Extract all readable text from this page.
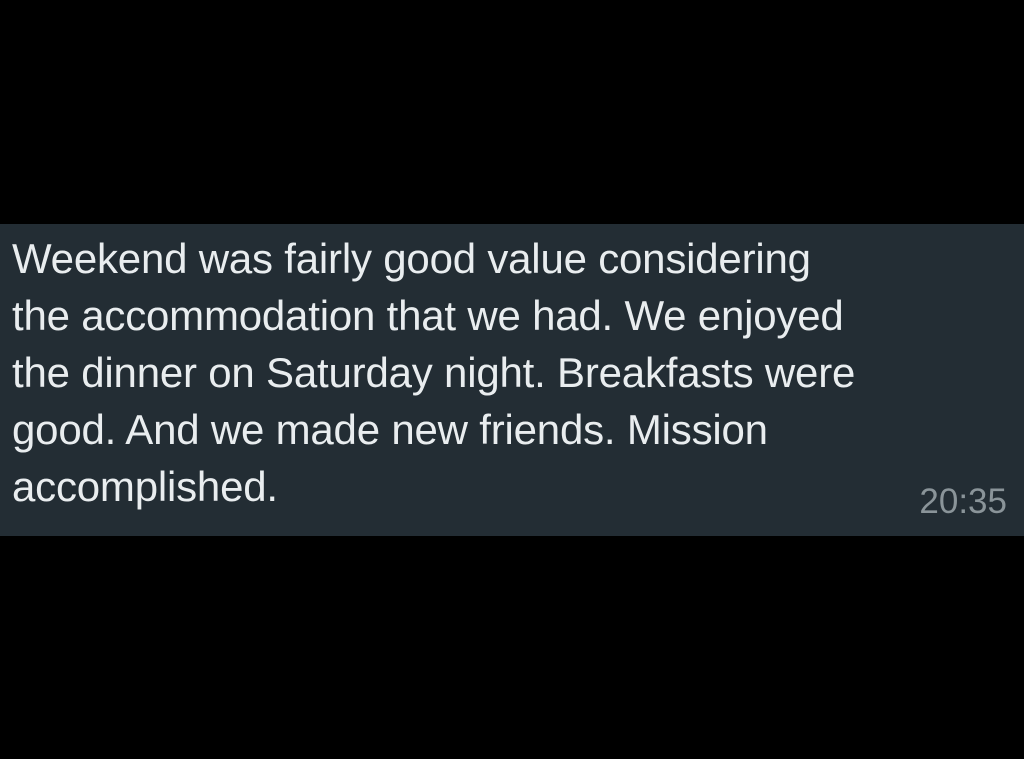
Weekend was fairly good value considering
the accommodation that we had. We enjoyed
the dinner on Saturday night. Breakfasts were
good. And we made new friends. Mission
accomplished.	20:35
